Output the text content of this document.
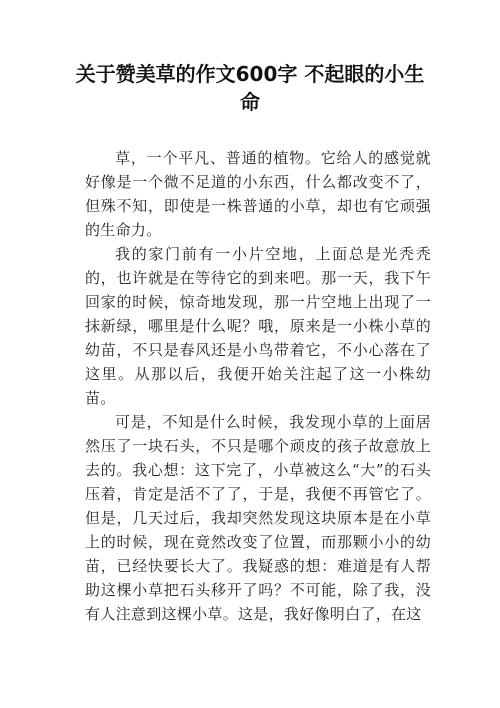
关于赞美草的作文600字 不起眼的小生命

草，一个平凡、普通的植物。它给人的感觉就好像是一个微不足道的小东西，什么都改变不了，但殊不知，即使是一株普通的小草，却也有它顽强的生命力。

我的家门前有一小片空地，上面总是光秃秃的，也许就是在等待它的到来吧。那一天，我下午回家的时候，惊奇地发现，那一片空地上出现了一抹新绿，哪里是什么呢？哦，原来是一小株小草的幼苗，不只是春风还是小鸟带着它，不小心落在了这里。从那以后，我便开始关注起了这一小株幼苗。

可是，不知是什么时候，我发现小草的上面居然压了一块石头，不只是哪个顽皮的孩子故意放上去的。我心想：这下完了，小草被这么“大”的石头压着，肯定是活不了了，于是，我便不再管它了。但是，几天过后，我却突然发现这块原本是在小草上的时候，现在竟然改变了位置，而那颗小小的幼苗，已经快要长大了。我疑惑的想：难道是有人帮助这棵小草把石头移开了吗？不可能，除了我，没有人注意到这棵小草。这是，我好像明白了，在这
